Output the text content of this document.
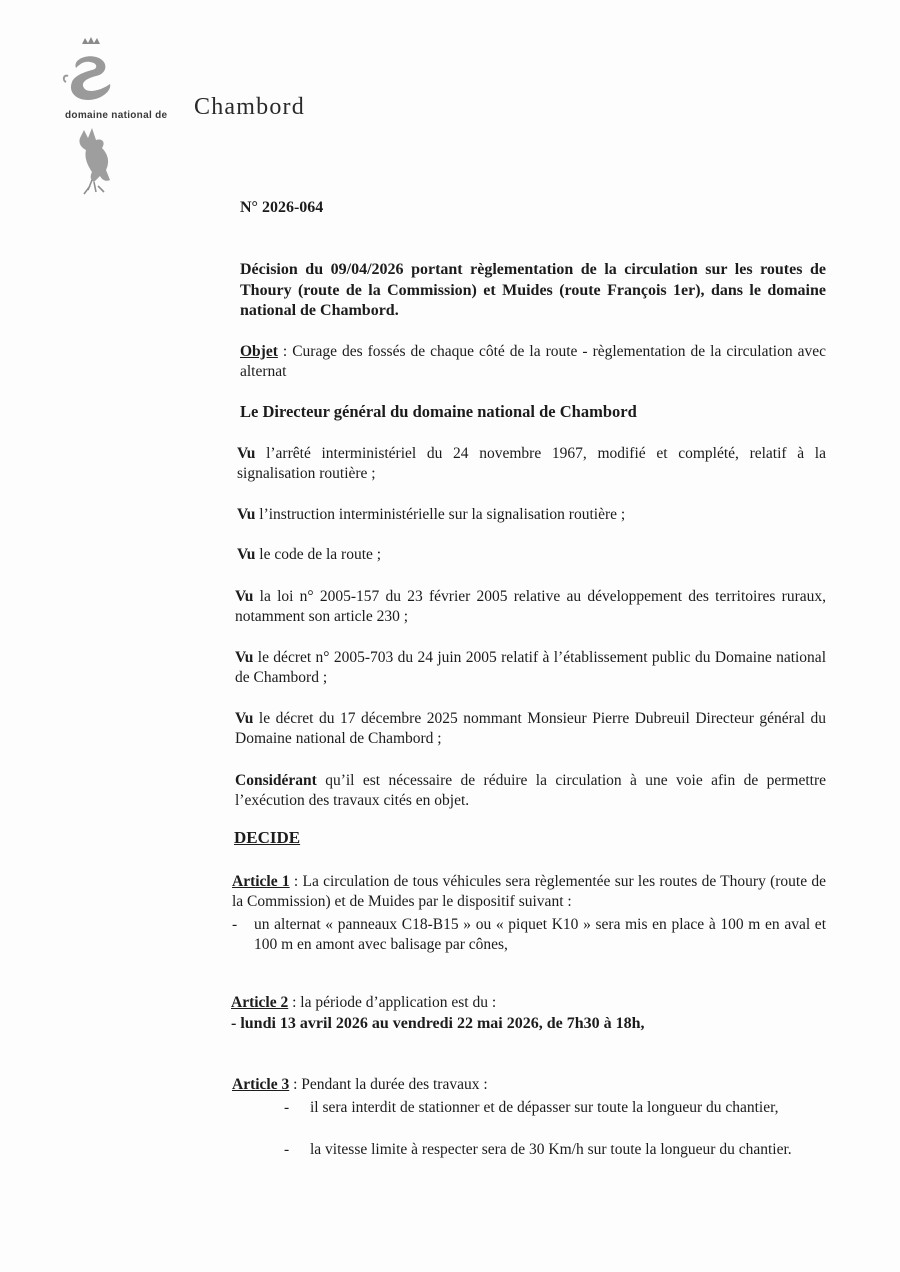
domaine national de Chambord
N° 2026-064
Décision du 09/04/2026 portant règlementation de la circulation sur les routes de Thoury (route de la Commission) et Muides (route François 1er), dans le domaine national de Chambord.
Objet : Curage des fossés de chaque côté de la route - règlementation de la circulation avec alternat
Le Directeur général du domaine national de Chambord
Vu l’arrêté interministériel du 24 novembre 1967, modifié et complété, relatif à la signalisation routière ;
Vu l’instruction interministérielle sur la signalisation routière ;
Vu le code de la route ;
Vu la loi n° 2005-157 du 23 février 2005 relative au développement des territoires ruraux, notamment son article 230 ;
Vu le décret n° 2005-703 du 24 juin 2005 relatif à l’établissement public du Domaine national de Chambord ;
Vu le décret du 17 décembre 2025 nommant Monsieur Pierre Dubreuil Directeur général du Domaine national de Chambord ;
Considérant qu’il est nécessaire de réduire la circulation à une voie afin de permettre l’exécution des travaux cités en objet.
DECIDE
Article 1 : La circulation de tous véhicules sera règlementée sur les routes de Thoury (route de la Commission) et de Muides par le dispositif suivant :
-	un alternat « panneaux C18-B15 » ou « piquet K10 » sera mis en place à 100 m en aval et 100 m en amont avec balisage par cônes,
Article 2 : la période d’application est du :
- lundi 13 avril 2026 au vendredi 22 mai 2026, de 7h30 à 18h,
Article 3 : Pendant la durée des travaux :
-	il sera interdit de stationner et de dépasser sur toute la longueur du chantier,
-	la vitesse limite à respecter sera de 30 Km/h sur toute la longueur du chantier.
